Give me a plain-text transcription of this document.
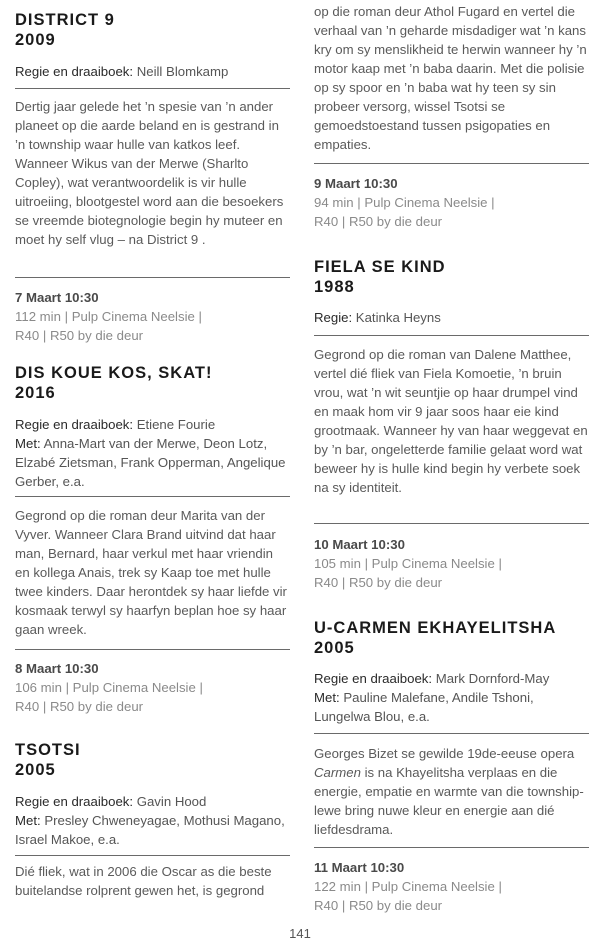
DISTRICT 9

2009

Regie en draaiboek: Neill Blomkamp

Dertig jaar gelede het ’n spesie van ’n ander planeet op die aarde beland en is gestrand in ’n township waar hulle van katkos leef. Wanneer Wikus van der Merwe (Sharlto Copley), wat verantwoordelik is vir hulle uitroeiing, blootgestel word aan die besoekers se vreemde biotegnologie begin hy muteer en moet hy self vlug – na District 9 .

7 Maart 10:30

112 min | Pulp Cinema Neelsie |

R40 | R50 by die deur

DIS KOUE KOS, SKAT!

2016

Regie en draaiboek: Etiene Fourie

Met: Anna-Mart van der Merwe, Deon Lotz, Elzabé Zietsman, Frank Opperman, Angelique Gerber, e.a.

Gegrond op die roman deur Marita van der Vyver. Wanneer Clara Brand uitvind dat haar man, Bernard, haar verkul met haar vriendin en kollega Anais, trek sy Kaap toe met hulle twee kinders. Daar herontdek sy haar liefde vir kosmaak terwyl sy haarfyn beplan hoe sy haar gaan wreek.

8 Maart 10:30

106 min | Pulp Cinema Neelsie |

R40 | R50 by die deur

TSOTSI

2005

Regie en draaiboek: Gavin Hood

Met: Presley Chweneyagae, Mothusi Magano, Israel Makoe, e.a.

Dié fliek, wat in 2006 die Oscar as die beste buitelandse rolprent gewen het, is gegrond

op die roman deur Athol Fugard en vertel die verhaal van ’n geharde misdadiger wat ’n kans kry om sy menslikheid te herwin wanneer hy ’n motor kaap met ’n baba daarin. Met die polisie op sy spoor en ’n baba wat hy teen sy sin probeer versorg, wissel Tsotsi se gemoedstoestand tussen psigopaties en empaties.

9 Maart 10:30

94 min | Pulp Cinema Neelsie |

R40 | R50 by die deur

FIELA SE KIND

1988

Regie: Katinka Heyns

Gegrond op die roman van Dalene Matthee, vertel dié fliek van Fiela Komoetie, ’n bruin vrou, wat ’n wit seuntjie op haar drumpel vind en maak hom vir 9 jaar soos haar eie kind grootmaak. Wanneer hy van haar weggevat en by ’n bar, ongeletterde familie gelaat word wat beweer hy is hulle kind begin hy verbete soek na sy identiteit.

10 Maart 10:30

105 min | Pulp Cinema Neelsie |

R40 | R50 by die deur

U-CARMEN EKHAYELITSHA

2005

Regie en draaiboek: Mark Dornford-May

Met: Pauline Malefane, Andile Tshoni, Lungelwa Blou, e.a.

Georges Bizet se gewilde 19de-eeuse opera Carmen is na Khayelitsha verplaas en die energie, empatie en warmte van die township-lewe bring nuwe kleur en energie aan dié liefdesdrama.

11 Maart 10:30

122 min | Pulp Cinema Neelsie |

R40 | R50 by die deur

141
